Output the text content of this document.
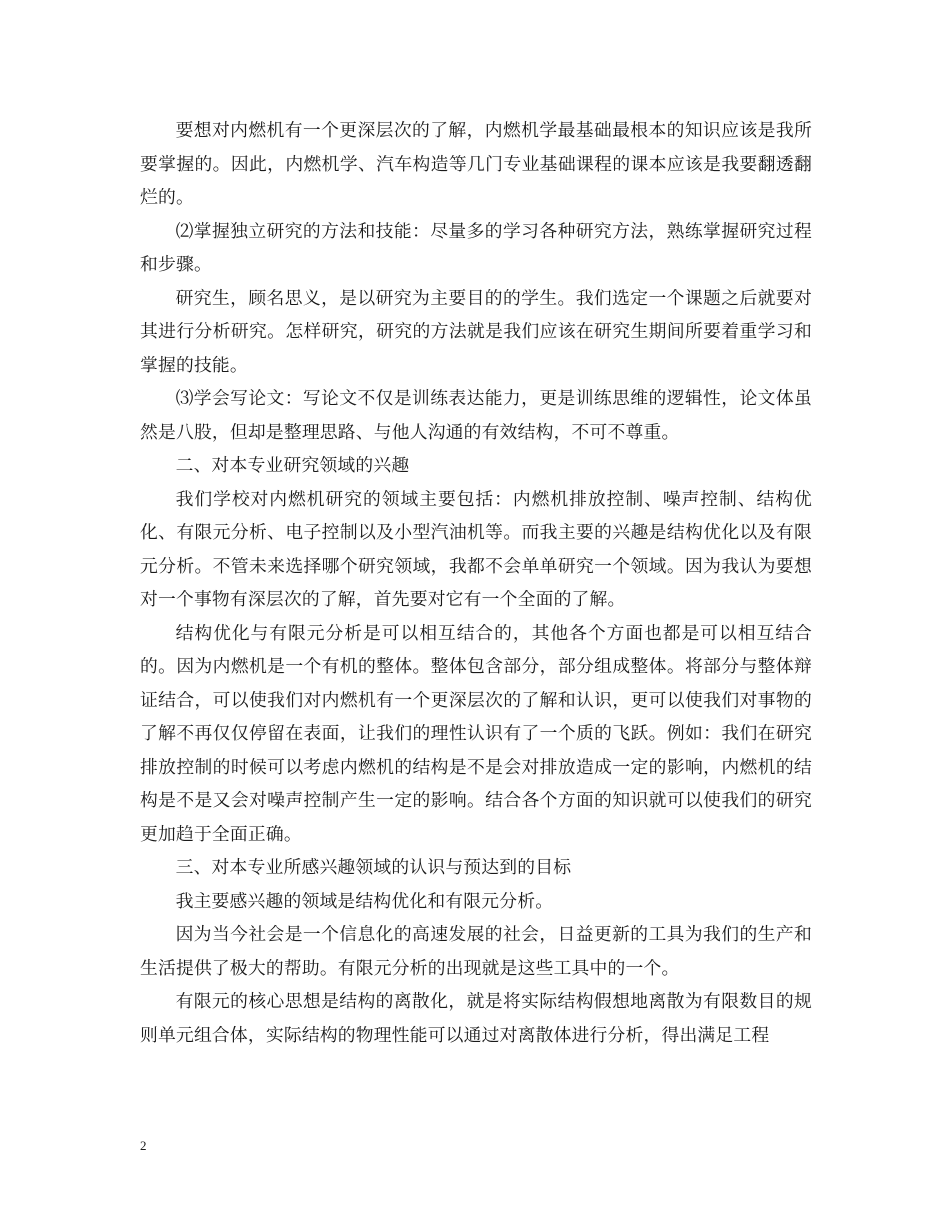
要想对内燃机有一个更深层次的了解，内燃机学最基础最根本的知识应该是我所要掌握的。因此，内燃机学、汽车构造等几门专业基础课程的课本应该是我要翻透翻烂的。

⑵掌握独立研究的方法和技能：尽量多的学习各种研究方法，熟练掌握研究过程和步骤。

研究生，顾名思义，是以研究为主要目的的学生。我们选定一个课题之后就要对其进行分析研究。怎样研究，研究的方法就是我们应该在研究生期间所要着重学习和掌握的技能。

⑶学会写论文：写论文不仅是训练表达能力，更是训练思维的逻辑性，论文体虽然是八股，但却是整理思路、与他人沟通的有效结构，不可不尊重。

二、对本专业研究领域的兴趣

我们学校对内燃机研究的领域主要包括：内燃机排放控制、噪声控制、结构优化、有限元分析、电子控制以及小型汽油机等。而我主要的兴趣是结构优化以及有限元分析。不管未来选择哪个研究领域，我都不会单单研究一个领域。因为我认为要想对一个事物有深层次的了解，首先要对它有一个全面的了解。

结构优化与有限元分析是可以相互结合的，其他各个方面也都是可以相互结合的。因为内燃机是一个有机的整体。整体包含部分，部分组成整体。将部分与整体辩证结合，可以使我们对内燃机有一个更深层次的了解和认识，更可以使我们对事物的了解不再仅仅停留在表面，让我们的理性认识有了一个质的飞跃。例如：我们在研究排放控制的时候可以考虑内燃机的结构是不是会对排放造成一定的影响，内燃机的结构是不是又会对噪声控制产生一定的影响。结合各个方面的知识就可以使我们的研究更加趋于全面正确。

三、对本专业所感兴趣领域的认识与预达到的目标

我主要感兴趣的领域是结构优化和有限元分析。

因为当今社会是一个信息化的高速发展的社会，日益更新的工具为我们的生产和生活提供了极大的帮助。有限元分析的出现就是这些工具中的一个。

有限元的核心思想是结构的离散化，就是将实际结构假想地离散为有限数目的规则单元组合体，实际结构的物理性能可以通过对离散体进行分析，得出满足工程

2
